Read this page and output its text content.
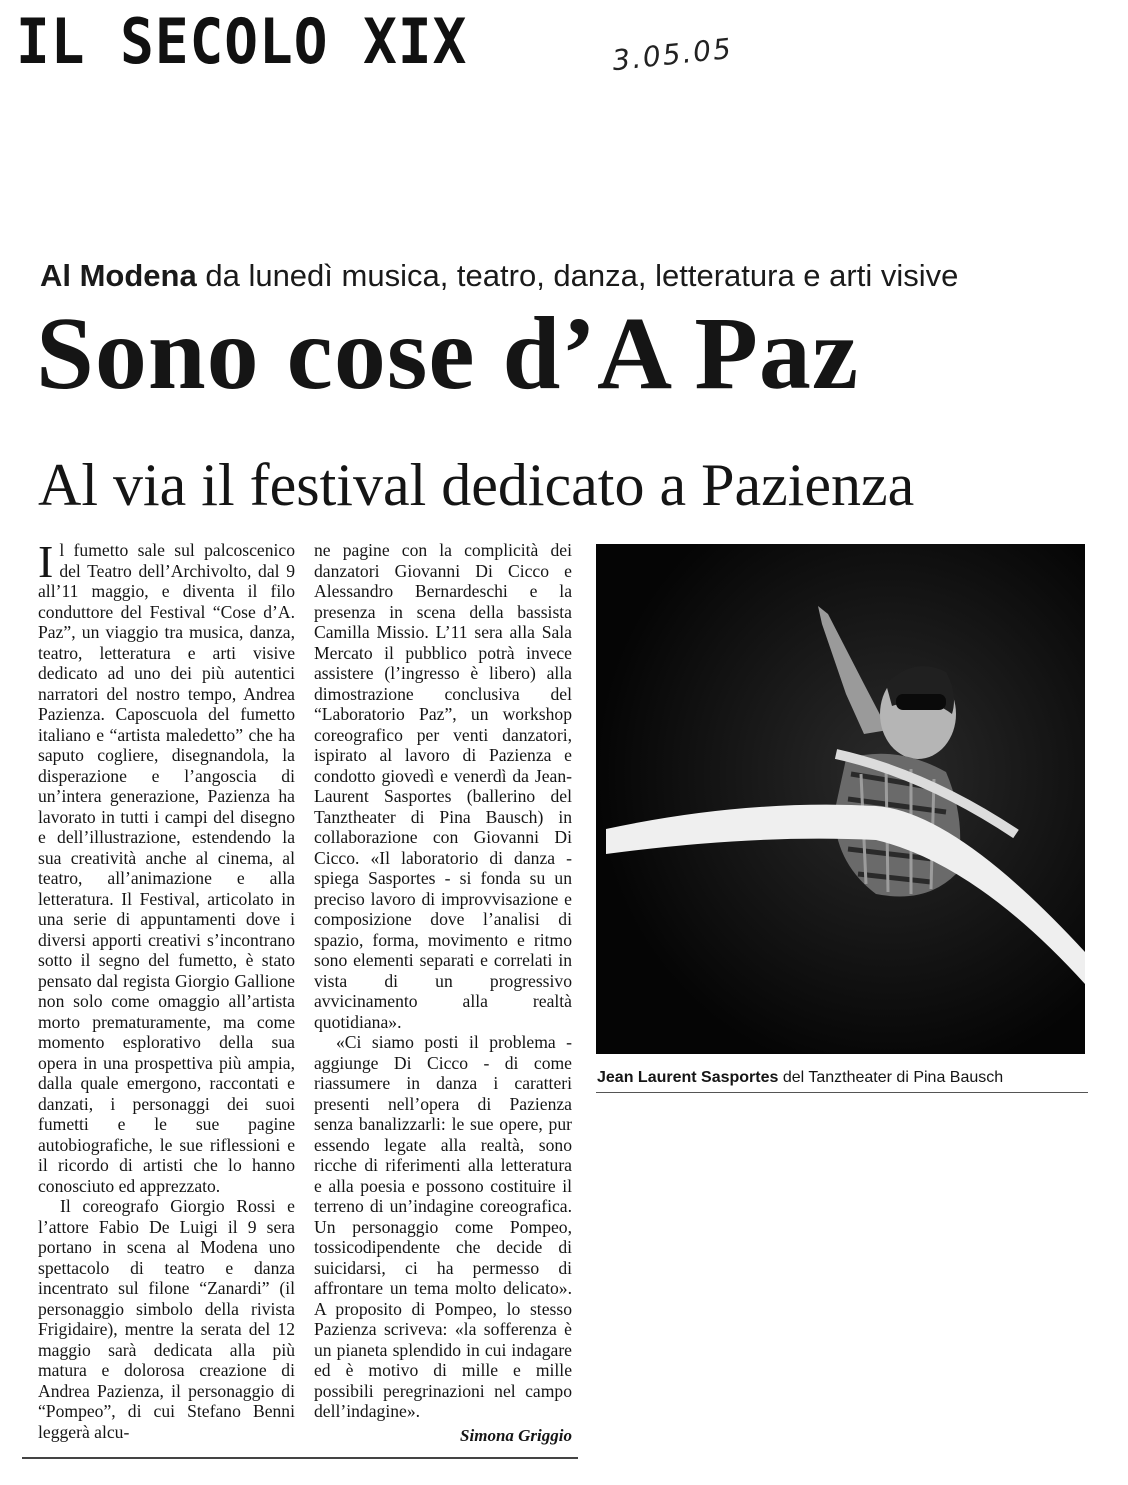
IL SECOLO XIX	3.05.05
Al Modena da lunedì musica, teatro, danza, letteratura e arti visive
Sono cose d’A Paz
Al via il festival dedicato a Pazienza

Il fumetto sale sul palcoscenico del Teatro dell’Archivolto, dal 9 all’11 maggio, e diventa il filo conduttore del Festival “Cose d’A. Paz”, un viaggio tra musica, danza, teatro, letteratura e arti visive dedicato ad uno dei più autentici narratori del nostro tempo, Andrea Pazienza. Caposcuola del fumetto italiano e “artista maledetto” che ha saputo cogliere, disegnandola, la disperazione e l’angoscia di un’intera generazione, Pazienza ha lavorato in tutti i campi del disegno e dell’illustrazione, estendendo la sua creatività anche al cinema, al teatro, all’animazione e alla letteratura. Il Festival, articolato in una serie di appuntamenti dove i diversi apporti creativi s’incontrano sotto il segno del fumetto, è stato pensato dal regista Giorgio Gallione non solo come omaggio all’artista morto prematuramente, ma come momento esplorativo della sua opera in una prospettiva più ampia, dalla quale emergono, raccontati e danzati, i personaggi dei suoi fumetti e le sue pagine autobiografiche, le sue riflessioni e il ricordo di artisti che lo hanno conosciuto ed apprezzato.

Il coreografo Giorgio Rossi e l’attore Fabio De Luigi il 9 sera portano in scena al Modena uno spettacolo di teatro e danza incentrato sul filone “Zanardi” (il personaggio simbolo della rivista Frigidaire), mentre la serata del 12 maggio sarà dedicata alla più matura e dolorosa creazione di Andrea Pazienza, il personaggio di “Pompeo”, di cui Stefano Benni leggerà alcu-

ne pagine con la complicità dei danzatori Giovanni Di Cicco e Alessandro Bernardeschi e la presenza in scena della bassista Camilla Missio. L’11 sera alla Sala Mercato il pubblico potrà invece assistere (l’ingresso è libero) alla dimostrazione conclusiva del “Laboratorio Paz”, un workshop coreografico per venti danzatori, ispirato al lavoro di Pazienza e condotto giovedì e venerdì da Jean-Laurent Sasportes (ballerino del Tanztheater di Pina Bausch) in collaborazione con Giovanni Di Cicco. «Il laboratorio di danza - spiega Sasportes - si fonda su un preciso lavoro di improvvisazione e composizione dove l’analisi di spazio, forma, movimento e ritmo sono elementi separati e correlati in vista di un progressivo avvicinamento alla realtà quotidiana».

«Ci siamo posti il problema - aggiunge Di Cicco - di come riassumere in danza i caratteri presenti nell’opera di Pazienza senza banalizzarli: le sue opere, pur essendo legate alla realtà, sono ricche di riferimenti alla letteratura e alla poesia e possono costituire il terreno di un’indagine coreografica. Un personaggio come Pompeo, tossicodipendente che decide di suicidarsi, ci ha permesso di affrontare un tema molto delicato». A proposito di Pompeo, lo stesso Pazienza scriveva: «la sofferenza è un pianeta splendido in cui indagare ed è motivo di mille e mille possibili peregrinazioni nel campo dell’indagine».

Simona Griggio
Jean Laurent Sasportes del Tanztheater di Pina Bausch
